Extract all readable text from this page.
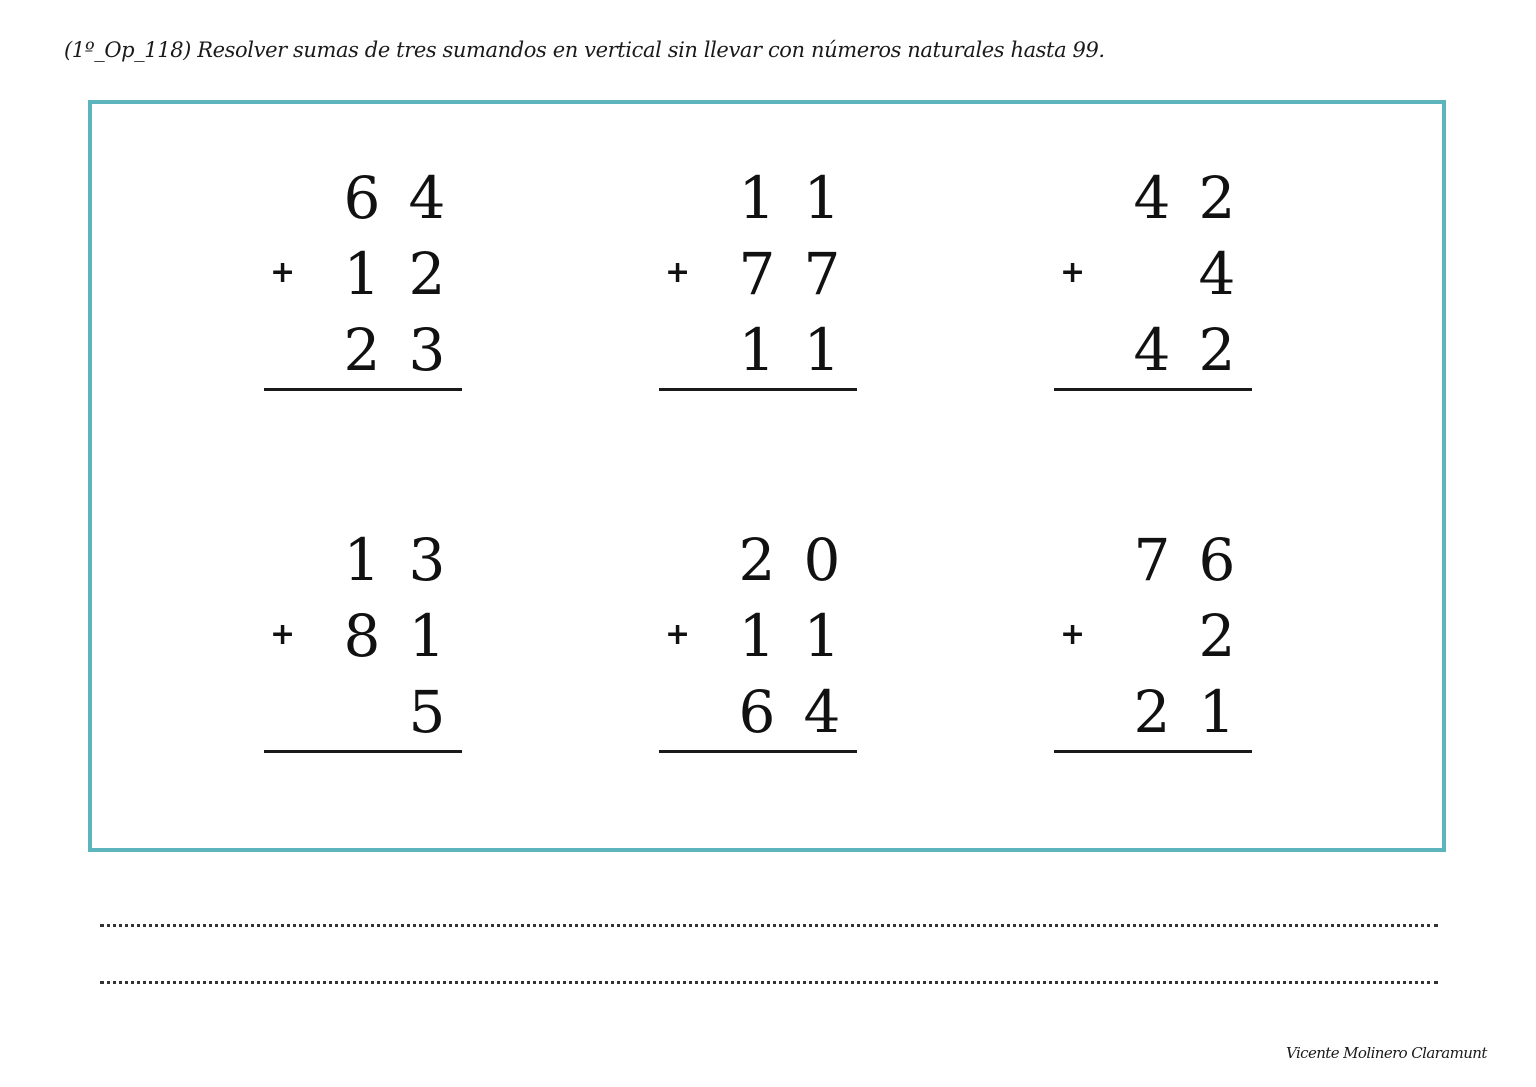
(1º_Op_118) Resolver sumas de tres sumandos en vertical sin llevar con números naturales hasta 99.
6 4
+ 1 2
2 3
1 1
+ 7 7
1 1
4 2
+ 4
4 2
1 3
+ 8 1
5
2 0
+ 1 1
6 4
7 6
+ 2
2 1
Vicente Molinero Claramunt
